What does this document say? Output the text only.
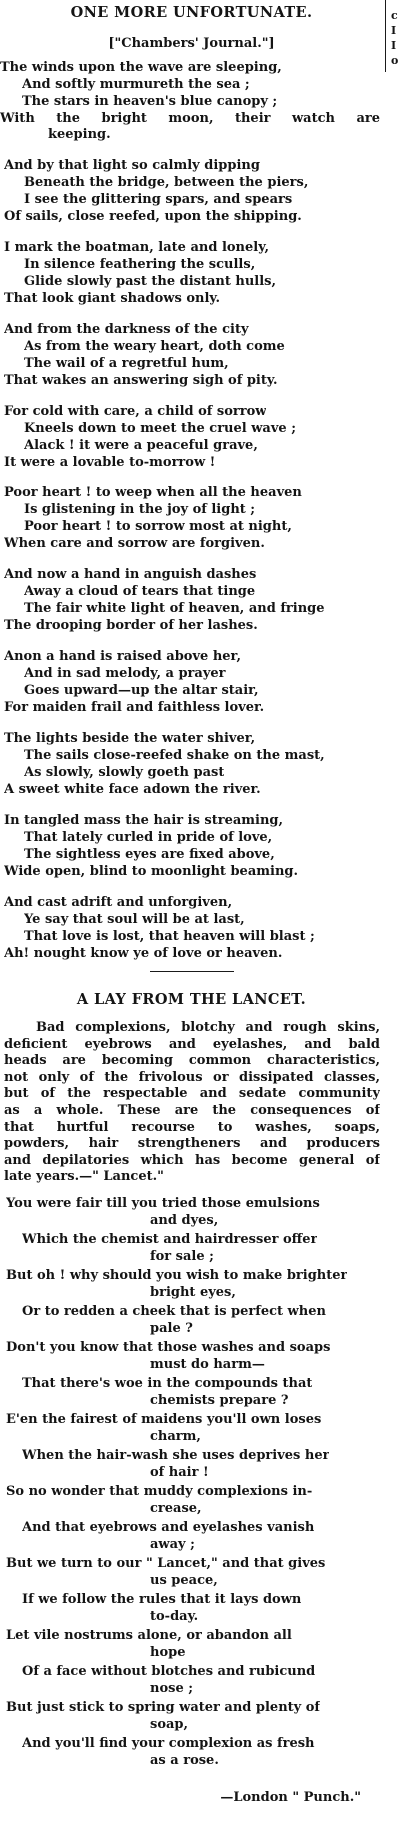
c
I
I
o
ONE MORE UNFORTUNATE.
["Chambers' Journal."]
The winds upon the wave are sleeping,
And softly murmureth the sea ;
The stars in heaven's blue canopy ;
With the bright moon, their watch are
keeping.
And by that light so calmly dipping
Beneath the bridge, between the piers,
I see the glittering spars, and spears
Of sails, close reefed, upon the shipping.
I mark the boatman, late and lonely,
In silence feathering the sculls,
Glide slowly past the distant hulls,
That look giant shadows only.
And from the darkness of the city
As from the weary heart, doth come
The wail of a regretful hum,
That wakes an answering sigh of pity.
For cold with care, a child of sorrow
Kneels down to meet the cruel wave ;
Alack ! it were a peaceful grave,
It were a lovable to-morrow !
Poor heart ! to weep when all the heaven
Is glistening in the joy of light ;
Poor heart ! to sorrow most at night,
When care and sorrow are forgiven.
And now a hand in anguish dashes
Away a cloud of tears that tinge
The fair white light of heaven, and fringe
The drooping border of her lashes.
Anon a hand is raised above her,
And in sad melody, a prayer
Goes upward—up the altar stair,
For maiden frail and faithless lover.
The lights beside the water shiver,
The sails close-reefed shake on the mast,
As slowly, slowly goeth past
A sweet white face adown the river.
In tangled mass the hair is streaming,
That lately curled in pride of love,
The sightless eyes are fixed above,
Wide open, blind to moonlight beaming.
And cast adrift and unforgiven,
Ye say that soul will be at last,
That love is lost, that heaven will blast ;
Ah! nought know ye of love or heaven.
A LAY FROM THE LANCET.
Bad complexions, blotchy and rough skins,
deficient eyebrows and eyelashes, and bald
heads are becoming common characteristics,
not only of the frivolous or dissipated classes,
but of the respectable and sedate community
as a whole. These are the consequences of
that hurtful recourse to washes, soaps,
powders, hair strengtheners and producers
and depilatories which has become general of
late years.—" Lancet."
You were fair till you tried those emulsions
and dyes,
Which the chemist and hairdresser offer
for sale ;
But oh ! why should you wish to make brighter
bright eyes,
Or to redden a cheek that is perfect when
pale ?
Don't you know that those washes and soaps
must do harm—
That there's woe in the compounds that
chemists prepare ?
E'en the fairest of maidens you'll own loses
charm,
When the hair-wash she uses deprives her
of hair !
So no wonder that muddy complexions in-
crease,
And that eyebrows and eyelashes vanish
away ;
But we turn to our " Lancet," and that gives
us peace,
If we follow the rules that it lays down
to-day.
Let vile nostrums alone, or abandon all
hope
Of a face without blotches and rubicund
nose ;
But just stick to spring water and plenty of
soap,
And you'll find your complexion as fresh
as a rose.
—London " Punch."
